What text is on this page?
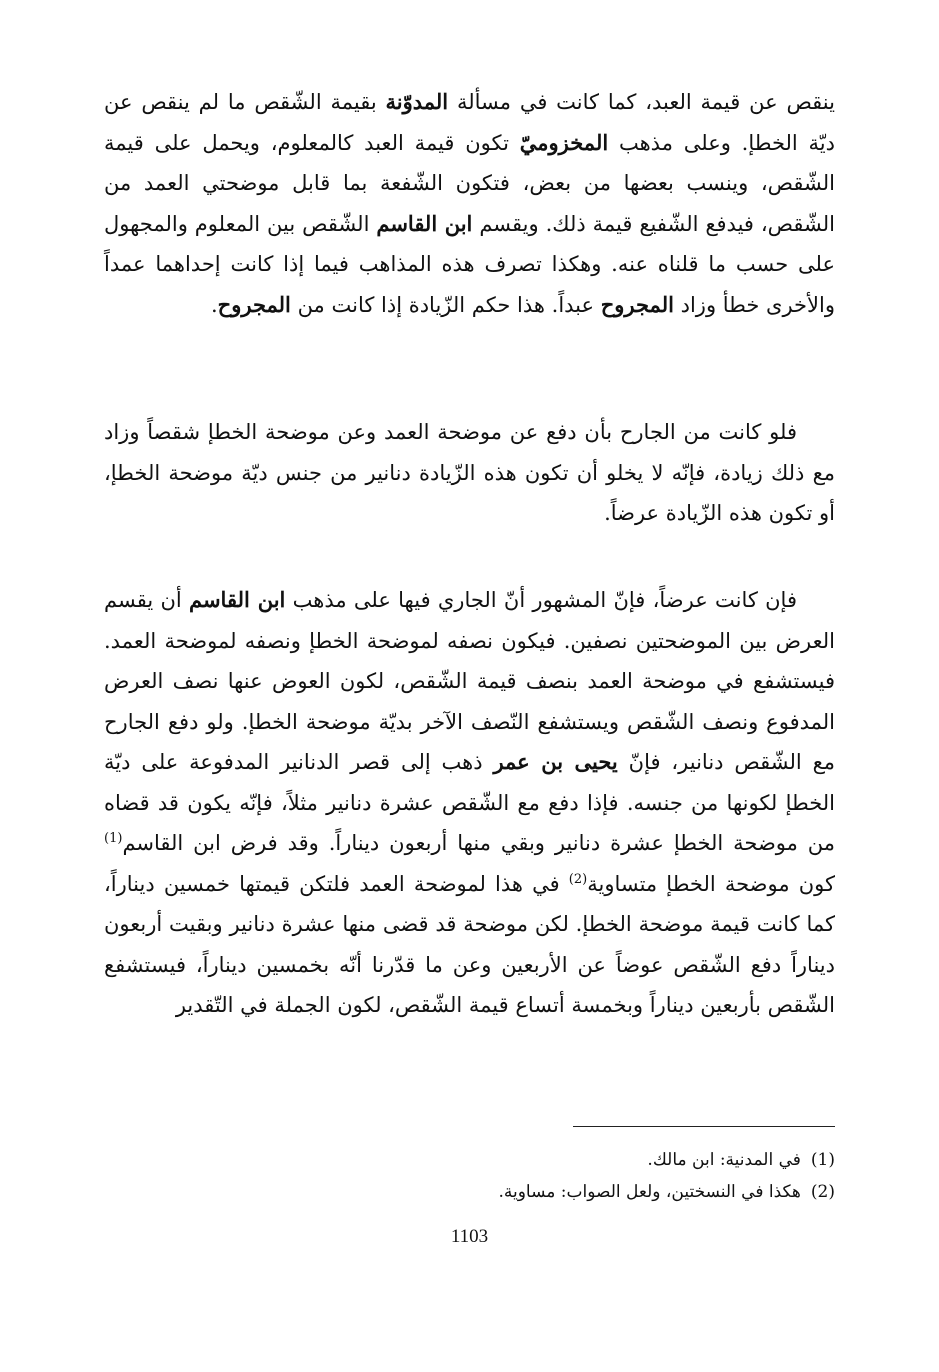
ينقص عن قيمة العبد، كما كانت في مسألة المدوّنة بقيمة الشّقص ما لم ينقص عن ديّة الخطإ. وعلى مذهب المخزوميّ تكون قيمة العبد كالمعلوم، ويحمل على قيمة الشّقص، وينسب بعضها من بعض، فتكون الشّفعة بما قابل موضحتي العمد من الشّقص، فيدفع الشّفيع قيمة ذلك. ويقسم ابن القاسم الشّقص بين المعلوم والمجهول على حسب ما قلناه عنه. وهكذا تصرف هذه المذاهب فيما إذا كانت إحداهما عمداً والأخرى خطأ وزاد المجروح عبداً. هذا حكم الزّيادة إذا كانت من المجروح.

فلو كانت من الجارح بأن دفع عن موضحة العمد وعن موضحة الخطإ شقصاً وزاد مع ذلك زيادة، فإنّه لا يخلو أن تكون هذه الزّيادة دنانير من جنس ديّة موضحة الخطإ، أو تكون هذه الزّيادة عرضاً.

فإن كانت عرضاً، فإنّ المشهور أنّ الجاري فيها على مذهب ابن القاسم أن يقسم العرض بين الموضحتين نصفين. فيكون نصفه لموضحة الخطإ ونصفه لموضحة العمد. فيستشفع في موضحة العمد بنصف قيمة الشّقص، لكون العوض عنها نصف العرض المدفوع ونصف الشّقص ويستشفع النّصف الآخر بديّة موضحة الخطإ. ولو دفع الجارح مع الشّقص دنانير، فإنّ يحيى بن عمر ذهب إلى قصر الدنانير المدفوعة على ديّة الخطإ لكونها من جنسه. فإذا دفع مع الشّقص عشرة دنانير مثلاً، فإنّه يكون قد قضاه من موضحة الخطإ عشرة دنانير وبقي منها أربعون ديناراً. وقد فرض ابن القاسم$^{(1)}$ كون موضحة الخطإ متساوية$^{(2)}$ في هذا لموضحة العمد فلتكن قيمتها خمسين ديناراً، كما كانت قيمة موضحة الخطإ. لكن موضحة قد قضى منها عشرة دنانير وبقيت أربعون ديناراً دفع الشّقص عوضاً عن الأربعين وعن ما قدّرنا أنّه بخمسين ديناراً، فيستشفع الشّقص بأربعين ديناراً وبخمسة أتساع قيمة الشّقص، لكون الجملة في التّقدير

(1)في المدنية: ابن مالك.
(2)هكذا في النسختين، ولعل الصواب: مساوية.
1103
